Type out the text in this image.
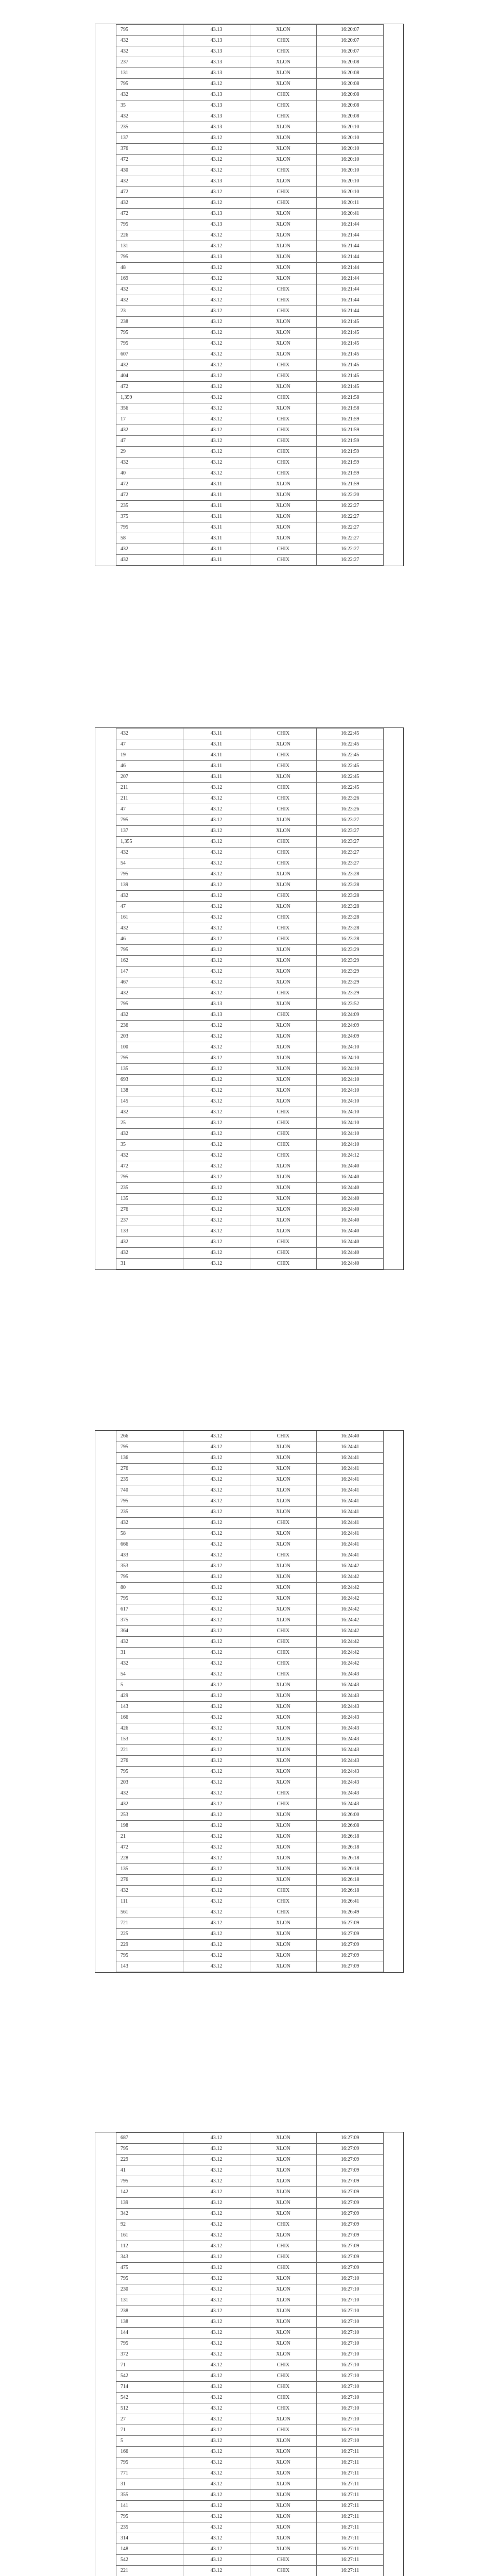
795	43.13	XLON	16:20:07
432	43.13	CHIX	16:20:07
432	43.13	CHIX	16:20:07
237	43.13	XLON	16:20:08
131	43.13	XLON	16:20:08
795	43.12	XLON	16:20:08
432	43.13	CHIX	16:20:08
35	43.13	CHIX	16:20:08
432	43.13	CHIX	16:20:08
235	43.13	XLON	16:20:10
137	43.12	XLON	16:20:10
376	43.12	XLON	16:20:10
472	43.12	XLON	16:20:10
430	43.12	CHIX	16:20:10
432	43.13	XLON	16:20:10
472	43.12	CHIX	16:20:10
432	43.12	CHIX	16:20:11
472	43.13	XLON	16:20:41
795	43.13	XLON	16:21:44
226	43.12	XLON	16:21:44
131	43.12	XLON	16:21:44
795	43.13	XLON	16:21:44
48	43.12	XLON	16:21:44
169	43.12	XLON	16:21:44
432	43.12	CHIX	16:21:44
432	43.12	CHIX	16:21:44
23	43.12	CHIX	16:21:44
238	43.12	XLON	16:21:45
795	43.12	XLON	16:21:45
795	43.12	XLON	16:21:45
607	43.12	XLON	16:21:45
432	43.12	CHIX	16:21:45
404	43.12	CHIX	16:21:45
472	43.12	XLON	16:21:45
1,359	43.12	CHIX	16:21:58
356	43.12	XLON	16:21:58
17	43.12	CHIX	16:21:59
432	43.12	CHIX	16:21:59
47	43.12	CHIX	16:21:59
29	43.12	CHIX	16:21:59
432	43.12	CHIX	16:21:59
40	43.12	CHIX	16:21:59
472	43.11	XLON	16:21:59
472	43.11	XLON	16:22:20
235	43.11	XLON	16:22:27
375	43.11	XLON	16:22:27
795	43.11	XLON	16:22:27
58	43.11	XLON	16:22:27
432	43.11	CHIX	16:22:27
432	43.11	CHIX	16:22:27
432	43.11	CHIX	16:22:45
47	43.11	XLON	16:22:45
19	43.11	CHIX	16:22:45
46	43.11	CHIX	16:22:45
207	43.11	XLON	16:22:45
211	43.12	CHIX	16:22:45
211	43.12	CHIX	16:23:26
47	43.12	CHIX	16:23:26
795	43.12	XLON	16:23:27
137	43.12	XLON	16:23:27
1,355	43.12	CHIX	16:23:27
432	43.12	CHIX	16:23:27
54	43.12	CHIX	16:23:27
795	43.12	XLON	16:23:28
139	43.12	XLON	16:23:28
432	43.12	CHIX	16:23:28
47	43.12	XLON	16:23:28
161	43.12	CHIX	16:23:28
432	43.12	CHIX	16:23:28
46	43.12	CHIX	16:23:28
795	43.12	XLON	16:23:29
162	43.12	XLON	16:23:29
147	43.12	XLON	16:23:29
467	43.12	XLON	16:23:29
432	43.12	CHIX	16:23:29
795	43.13	XLON	16:23:52
432	43.13	CHIX	16:24:09
236	43.12	XLON	16:24:09
203	43.12	XLON	16:24:09
100	43.12	XLON	16:24:10
795	43.12	XLON	16:24:10
135	43.12	XLON	16:24:10
693	43.12	XLON	16:24:10
138	43.12	XLON	16:24:10
145	43.12	XLON	16:24:10
432	43.12	CHIX	16:24:10
25	43.12	CHIX	16:24:10
432	43.12	CHIX	16:24:10
35	43.12	CHIX	16:24:10
432	43.12	CHIX	16:24:12
472	43.12	XLON	16:24:40
795	43.12	XLON	16:24:40
235	43.12	XLON	16:24:40
135	43.12	XLON	16:24:40
276	43.12	XLON	16:24:40
237	43.12	XLON	16:24:40
133	43.12	XLON	16:24:40
432	43.12	CHIX	16:24:40
432	43.12	CHIX	16:24:40
31	43.12	CHIX	16:24:40
266	43.12	CHIX	16:24:40
795	43.12	XLON	16:24:41
136	43.12	XLON	16:24:41
276	43.12	XLON	16:24:41
235	43.12	XLON	16:24:41
740	43.12	XLON	16:24:41
795	43.12	XLON	16:24:41
235	43.12	XLON	16:24:41
432	43.12	CHIX	16:24:41
58	43.12	XLON	16:24:41
666	43.12	XLON	16:24:41
433	43.12	CHIX	16:24:41
353	43.12	XLON	16:24:42
795	43.12	XLON	16:24:42
80	43.12	XLON	16:24:42
795	43.12	XLON	16:24:42
617	43.12	XLON	16:24:42
375	43.12	XLON	16:24:42
364	43.12	CHIX	16:24:42
432	43.12	CHIX	16:24:42
31	43.12	CHIX	16:24:42
432	43.12	CHIX	16:24:42
54	43.12	CHIX	16:24:43
5	43.12	XLON	16:24:43
429	43.12	XLON	16:24:43
143	43.12	XLON	16:24:43
166	43.12	XLON	16:24:43
426	43.12	XLON	16:24:43
153	43.12	XLON	16:24:43
221	43.12	XLON	16:24:43
276	43.12	XLON	16:24:43
795	43.12	XLON	16:24:43
203	43.12	XLON	16:24:43
432	43.12	CHIX	16:24:43
432	43.12	CHIX	16:24:43
253	43.12	XLON	16:26:00
198	43.12	XLON	16:26:08
21	43.12	XLON	16:26:18
472	43.12	XLON	16:26:18
228	43.12	XLON	16:26:18
135	43.12	XLON	16:26:18
276	43.12	XLON	16:26:18
432	43.12	CHIX	16:26:18
111	43.12	CHIX	16:26:41
561	43.12	CHIX	16:26:49
721	43.12	XLON	16:27:09
225	43.12	XLON	16:27:09
229	43.12	XLON	16:27:09
795	43.12	XLON	16:27:09
143	43.12	XLON	16:27:09
687	43.12	XLON	16:27:09
795	43.12	XLON	16:27:09
229	43.12	XLON	16:27:09
41	43.12	XLON	16:27:09
795	43.12	XLON	16:27:09
142	43.12	XLON	16:27:09
139	43.12	XLON	16:27:09
342	43.12	XLON	16:27:09
92	43.12	CHIX	16:27:09
161	43.12	XLON	16:27:09
112	43.12	CHIX	16:27:09
343	43.12	CHIX	16:27:09
475	43.12	CHIX	16:27:09
795	43.12	XLON	16:27:10
230	43.12	XLON	16:27:10
131	43.12	XLON	16:27:10
238	43.12	XLON	16:27:10
138	43.12	XLON	16:27:10
144	43.12	XLON	16:27:10
795	43.12	XLON	16:27:10
372	43.12	XLON	16:27:10
71	43.12	CHIX	16:27:10
542	43.12	CHIX	16:27:10
714	43.12	CHIX	16:27:10
542	43.12	CHIX	16:27:10
512	43.12	CHIX	16:27:10
27	43.12	XLON	16:27:10
71	43.12	CHIX	16:27:10
5	43.12	XLON	16:27:10
166	43.12	XLON	16:27:11
795	43.12	XLON	16:27:11
771	43.12	XLON	16:27:11
31	43.12	XLON	16:27:11
355	43.12	XLON	16:27:11
141	43.12	XLON	16:27:11
795	43.12	XLON	16:27:11
235	43.12	XLON	16:27:11
314	43.12	XLON	16:27:11
148	43.12	XLON	16:27:11
542	43.12	CHIX	16:27:11
221	43.12	CHIX	16:27:11
